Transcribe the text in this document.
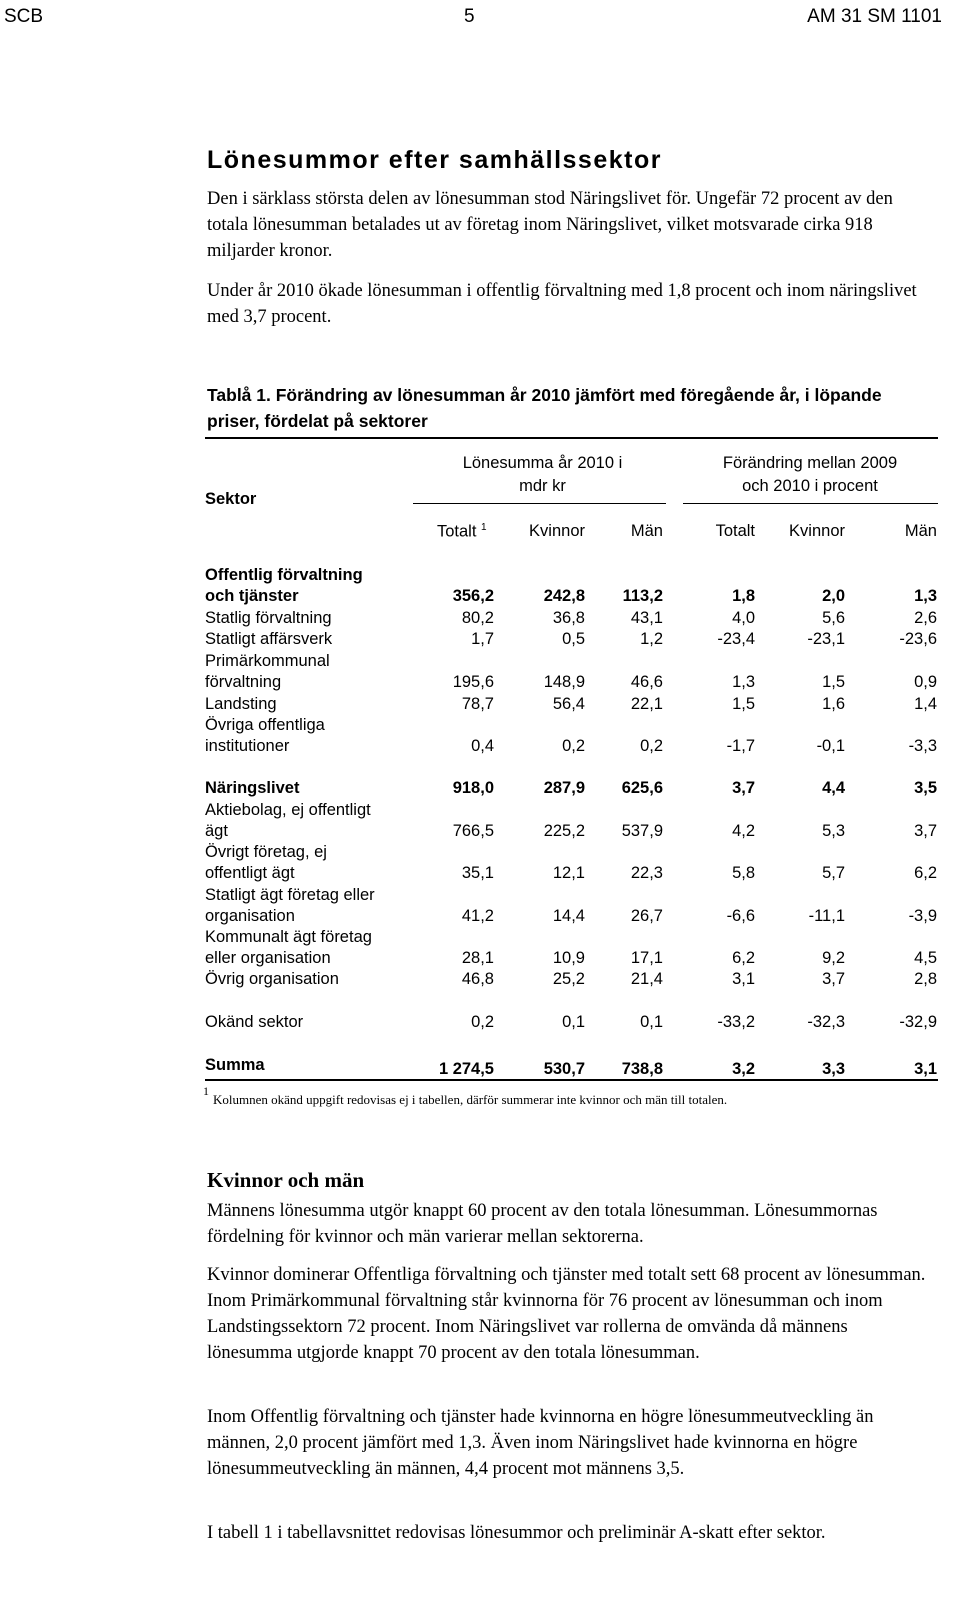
SCB	5	AM 31 SM 1101
Lönesummor efter samhällssektor

Den i särklass största delen av lönesumman stod Näringslivet för. Ungefär 72 procent av den totala lönesumman betalades ut av företag inom Näringslivet, vilket motsvarade cirka 918 miljarder kronor.

Under år 2010 ökade lönesumman i offentlig förvaltning med 1,8 procent och inom näringslivet med 3,7 procent.

Tablå 1. Förändring av lönesumman år 2010 jämfört med föregående år, i löpande priser, fördelat på sektorer

Sektor
Lönesumma år 2010 i
mdr kr
Förändring mellan 2009
och 2010 i procent
Totalt $^1$	Kvinnor	Män	Totalt	Kvinnor	Män
Offentlig förvaltning
och tjänster	356,2	242,8	113,2	1,8	2,0	1,3
Statlig förvaltning	80,2	36,8	43,1	4,0	5,6	2,6
Statligt affärsverk	1,7	0,5	1,2	-23,4	-23,1	-23,6
Primärkommunal
förvaltning	195,6	148,9	46,6	1,3	1,5	0,9
Landsting	78,7	56,4	22,1	1,5	1,6	1,4
Övriga offentliga
institutioner	0,4	0,2	0,2	-1,7	-0,1	-3,3
Näringslivet	918,0	287,9	625,6	3,7	4,4	3,5
Aktiebolag, ej offentligt
ägt	766,5	225,2	537,9	4,2	5,3	3,7
Övrigt företag, ej
offentligt ägt	35,1	12,1	22,3	5,8	5,7	6,2
Statligt ägt företag eller
organisation	41,2	14,4	26,7	-6,6	-11,1	-3,9
Kommunalt ägt företag
eller organisation	28,1	10,9	17,1	6,2	9,2	4,5
Övrig organisation	46,8	25,2	21,4	3,1	3,7	2,8
Okänd sektor	0,2	0,1	0,1	-33,2	-32,3	-32,9
Summa	1 274,5	530,7	738,8	3,2	3,3	3,1
$^1$Kolumnen okänd uppgift redovisas ej i tabellen, därför summerar inte kvinnor och män till totalen.
Kvinnor och män

Männens lönesumma utgör knappt 60 procent av den totala lönesumman. Lönesummornas fördelning för kvinnor och män varierar mellan sektorerna.

Kvinnor dominerar Offentliga förvaltning och tjänster med totalt sett 68 procent av lönesumman. Inom Primärkommunal förvaltning står kvinnorna för 76 procent av lönesumman och inom Landstingssektorn 72 procent. Inom Näringslivet var rollerna de omvända då männens lönesumma utgjorde knappt 70 procent av den totala lönesumman.

Inom Offentlig förvaltning och tjänster hade kvinnorna en högre lönesummeutveckling än männen, 2,0 procent jämfört med 1,3. Även inom Näringslivet hade kvinnorna en högre lönesummeutveckling än männen, 4,4 procent mot männens 3,5.

I tabell 1 i tabellavsnittet redovisas lönesummor och preliminär A-skatt efter sektor.
